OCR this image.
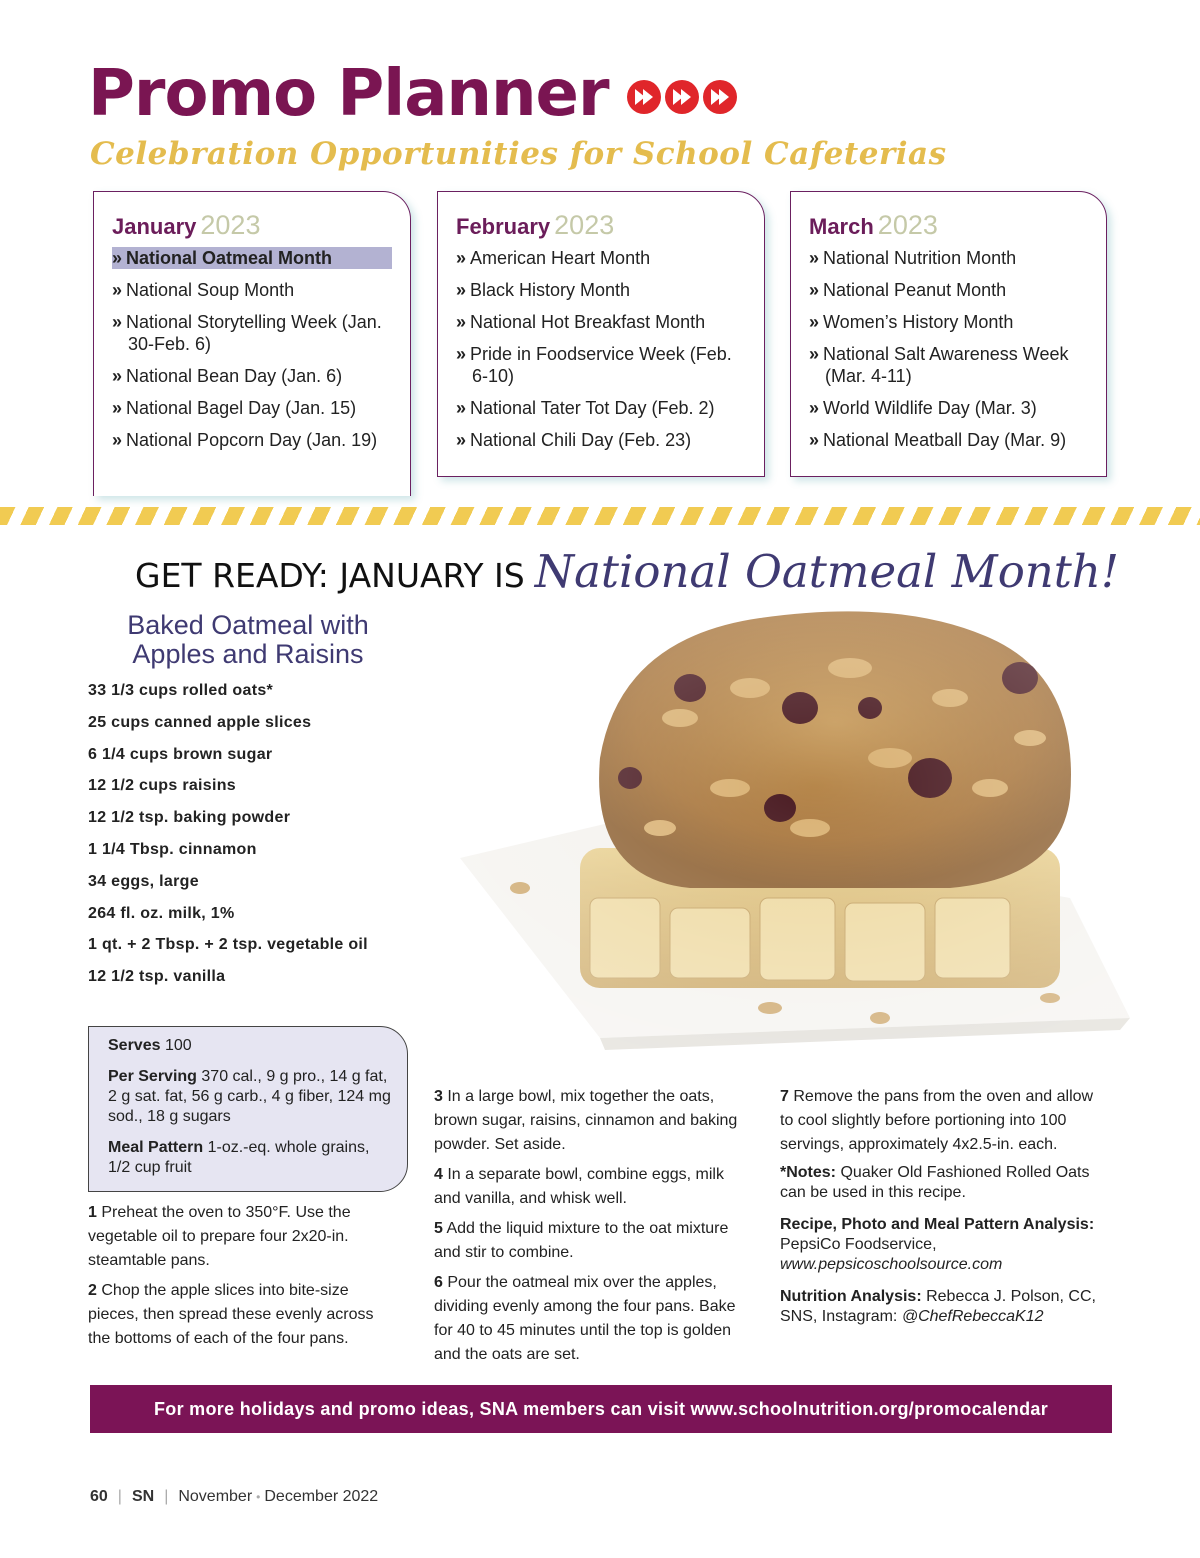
Promo Planner
Celebration Opportunities for School Cafeterias
January 2023
» National Oatmeal Month
» National Soup Month
» National Storytelling Week (Jan. 30-Feb. 6)
» National Bean Day (Jan. 6)
» National Bagel Day (Jan. 15)
» National Popcorn Day (Jan. 19)
February 2023
» American Heart Month
» Black History Month
» National Hot Breakfast Month
» Pride in Foodservice Week (Feb. 6-10)
» National Tater Tot Day (Feb. 2)
» National Chili Day (Feb. 23)
March 2023
» National Nutrition Month
» National Peanut Month
» Women’s History Month
» National Salt Awareness Week (Mar. 4-11)
» World Wildlife Day (Mar. 3)
» National Meatball Day (Mar. 9)
GET READY: JANUARY IS National Oatmeal Month!
Baked Oatmeal with Apples and Raisins
33 1/3 cups rolled oats*
25 cups canned apple slices
6 1/4 cups brown sugar
12 1/2 cups raisins
12 1/2 tsp. baking powder
1 1/4 Tbsp. cinnamon
34 eggs, large
264 fl. oz. milk, 1%
1 qt. + 2 Tbsp. + 2 tsp. vegetable oil
12 1/2 tsp. vanilla

Serves 100

Per Serving 370 cal., 9 g pro., 14 g fat, 2 g sat. fat, 56 g carb., 4 g fiber, 124 mg sod., 18 g sugars

Meal Pattern 1-oz.-eq. whole grains, 1/2 cup fruit

1 Preheat the oven to 350°F. Use the vegetable oil to prepare four 2x20-in. steamtable pans.

2 Chop the apple slices into bite-size pieces, then spread these evenly across the bottoms of each of the four pans.

3 In a large bowl, mix together the oats, brown sugar, raisins, cinnamon and baking powder. Set aside.

4 In a separate bowl, combine eggs, milk and vanilla, and whisk well.

5 Add the liquid mixture to the oat mixture and stir to combine.

6 Pour the oatmeal mix over the apples, dividing evenly among the four pans. Bake for 40 to 45 minutes until the top is golden and the oats are set.

7 Remove the pans from the oven and allow to cool slightly before portioning into 100 servings, approximately 4x2.5-in. each.

*Notes: Quaker Old Fashioned Rolled Oats can be used in this recipe.

Recipe, Photo and Meal Pattern Analysis: PepsiCo Foodservice,
www.pepsicoschoolsource.com

Nutrition Analysis: Rebecca J. Polson, CC, SNS, Instagram: @ChefRebeccaK12

For more holidays and promo ideas, SNA members can visit www.schoolnutrition.org/promocalendar
60 | SN | November • December 2022
